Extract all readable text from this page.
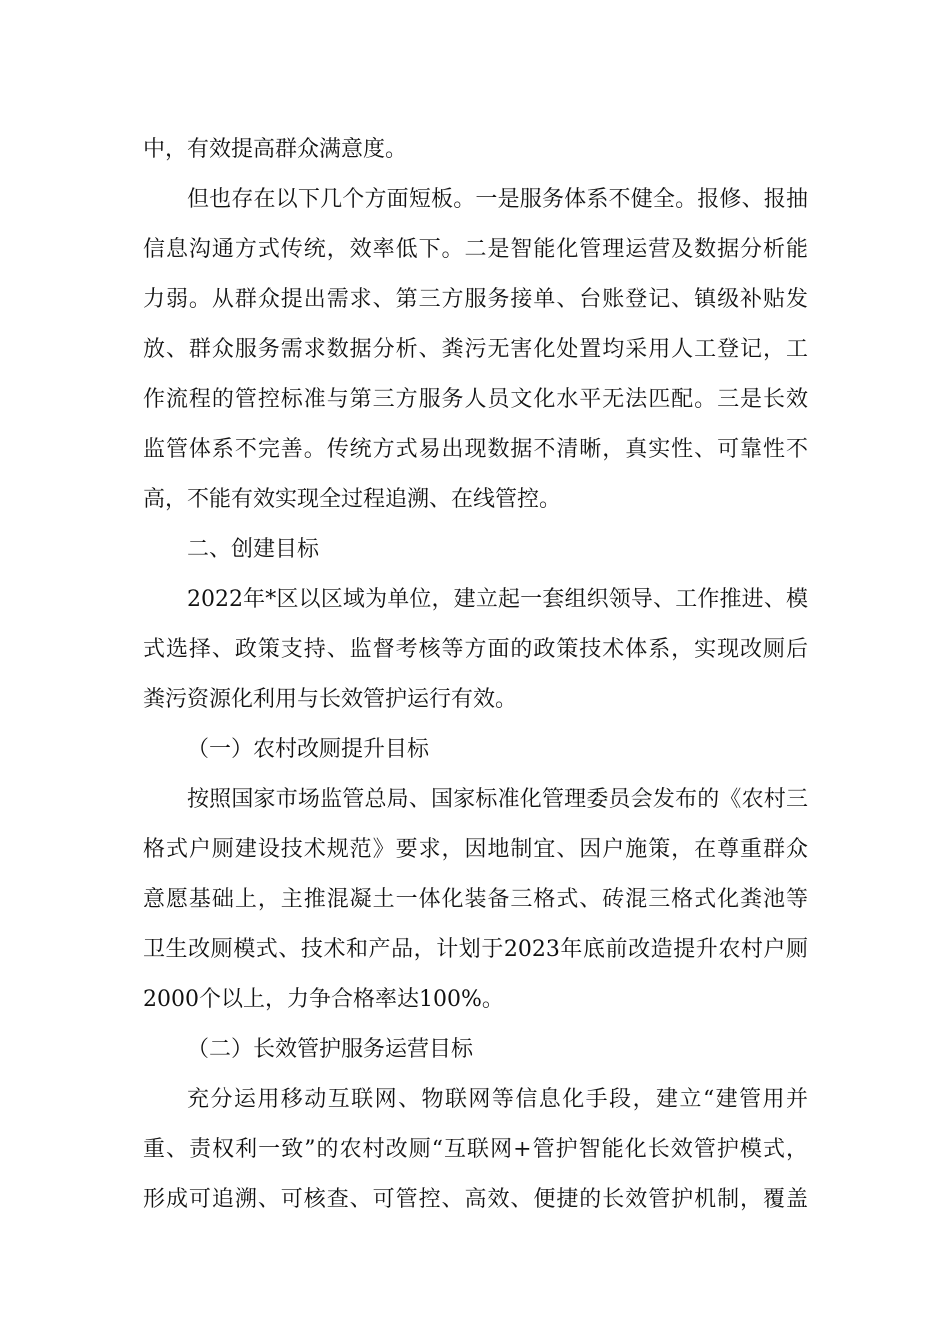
中，有效提高群众满意度。
但也存在以下几个方面短板。一是服务体系不健全。报修、报抽
信息沟通方式传统，效率低下。二是智能化管理运营及数据分析能
力弱。从群众提出需求、第三方服务接单、台账登记、镇级补贴发
放、群众服务需求数据分析、粪污无害化处置均采用人工登记，工
作流程的管控标准与第三方服务人员文化水平无法匹配。三是长效
监管体系不完善。传统方式易出现数据不清晰，真实性、可靠性不
高，不能有效实现全过程追溯、在线管控。
二、创建目标
2022年*区以区域为单位，建立起一套组织领导、工作推进、模
式选择、政策支持、监督考核等方面的政策技术体系，实现改厕后
粪污资源化利用与长效管护运行有效。
（一）农村改厕提升目标
按照国家市场监管总局、国家标准化管理委员会发布的《农村三
格式户厕建设技术规范》要求，因地制宜、因户施策，在尊重群众
意愿基础上，主推混凝土一体化装备三格式、砖混三格式化粪池等
卫生改厕模式、技术和产品，计划于2023年底前改造提升农村户厕
2000个以上，力争合格率达100%。
（二）长效管护服务运营目标
充分运用移动互联网、物联网等信息化手段，建立“建管用并
重、责权利一致”的农村改厕“互联网+管护智能化长效管护模式，
形成可追溯、可核查、可管控、高效、便捷的长效管护机制，覆盖
